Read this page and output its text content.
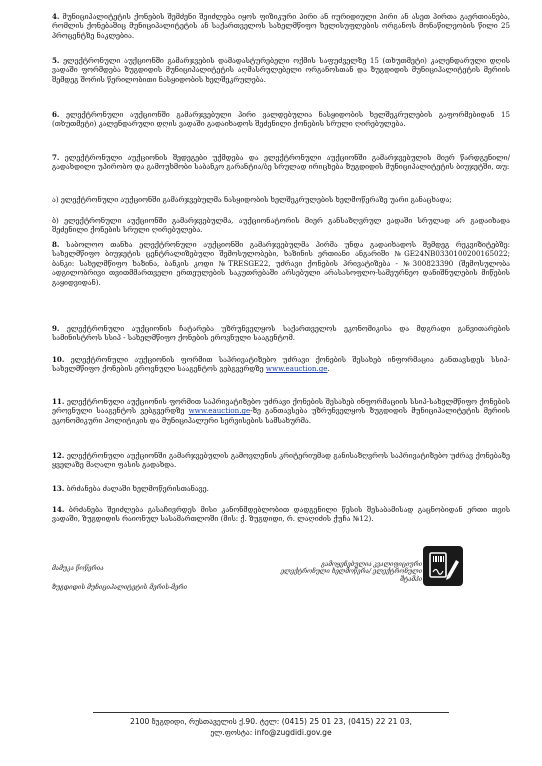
4. მუნიციპალიტეტის ქონების შემძენი შეიძლება იყოს ფიზიკური პირი ან იურიდიული პირი ან ასეთ პირთა გაერთიანება, რომლის ქონებაშიც მუნიციპალიტეტის ან საქართველოს სახელმწიფო ხელისუფლების ორგანოს მონაწილეობის წილი 25 პროცენტზე ნაკლებია.

5. ელექტრონული აუქციონში გამარჯვების დამადასტურებელი ოქმის საფუძველზე 15 (თხუთმეტი) კალენდარული დღის ვადაში ფორმდება ზუგდიდის მუნიციპალიტეტის აღმასრულებელი ორგანოსთან და ზუგდიდის მუნიციპალიტეტის მერიის შემდეგ შორის წერილობითი ნასყიდობის ხელშეკრულება.

6. ელექტრონული აუქციონში გამარჯვებული პირი ვალდებულია ნასყიდობის ხელშეკრულების გაფორმებიდან 15 (თხუთმეტი) კალენდარული დღის ვადაში გადაიხადოს შეძენილი ქონების სრული ღირებულება.

7. ელექტრონული აუქციონის შედეგები უქმდება და ელექტრონული აუქციონში გამარჯვებულის მიერ წარდგენილი/გადახდილი უპირობო და გამოუხმობი საბანკო გარანტია/ბე სრულად ირიცხება ზუგდიდის მუნიციპალიტეტის ბიუჯეტში, თუ:

ა) ელექტრონული აუქციონში გამარჯვებულმა ნასყიდობის ხელშეკრულების ხელმოწერაზე უარი განაცხადა;

ბ) ელექტრონული აუქციონში გამარჯვებულმა, აუქციონატორის მიერ განსაზღვრულ ვადაში სრულად არ გადაიხადა შეძენილი ქონების სრული ღირებულება.

8. საბოლოო თანხა ელექტრონული აუქციონში გამარჯვებულმა პირმა უნდა გადაიხადოს შემდეგ რეკვიზიტებზე: სახელმწიფო ბიუჯეტის ცენტრალიზებული შემოსულობები, ხაზინის ერთიანი ანგარიში №GE24NB0330100200165022; ბანკი: სახელმწიფო ხაზინა, ბანკის კოდი №TRESGE22, უძრავი ქონების პრივატიზება - №300823390 (შემოსულობა ადგილობრივი თვითმმართველი ერთეულების საკუთრებაში არსებული არასასოფლო-სამეურნეო დანიშნულების მიწების გაყიდვიდან).

9. ელექტრონული აუქციონის ჩატარება უზრუნველყოს საქართველოს ეკონომიკისა და მდგრადი განვითარების სამინისტროს სსიპ - სახელმწიფო ქონების ეროვნული სააგენტომ.

10. ელექტრონული აუქციონის ფორმით საპრივატიზებო უძრავი ქონების შესახებ ინფორმაცია განთავსდეს სსიპ-სახელმწიფო ქონების ეროვნული სააგენტოს ვებგვერდზე www.eauction.ge.

11. ელექტრონული აუქციონის ფორმით საპრივატიზებო უძრავი ქონების შესახებ ინფორმაციის სსიპ-სახელმწიფო ქონების ეროვნული სააგენტოს ვებგვერდზე www.eauction.ge-ზე განთავსება უზრუნველყოს ზუგდიდის მუნიციპალიტეტის მერიის ეკონომიკური პოლიტიკის და მუნიციპალური სერვისების სამსახურმა.

12. ელექტრონული აუქციონში გამარჯვებულის გამოვლენის კრიტერიუმად განისაზღვროს საპრივატიზებო უძრავ ქონებაზე ყველაზე მაღალი ფასის გადახდა.

13. ბრძანება ძალაში ხელმოწერისთანავე.

14. ბრძანება შეიძლება გასაჩივრდეს მისი კანონმდებლობით დადგენილი წესის შესაბამისად გაცნობიდან ერთი თვის ვადაში, ზუგდიდის რაიონულ სასამართლოში (მის: ქ. ზუგდიდი, რ. ლაღიძის ქუჩა №12).

მამუკა წოწერია
ზუგდიდის მუნიციპალიტეტის მერის-მერი
გამოყენებულია კვალიფიციური ელექტრონული ხელმოწერა/ ელექტრონული შტამპი
2100 ზუგდიდი, რუსთაველის ქ.90. ტელ: (0415) 25 01 23, (0415) 22 21 03,
ელ.ფოსტა: info@zugdidi.gov.ge
